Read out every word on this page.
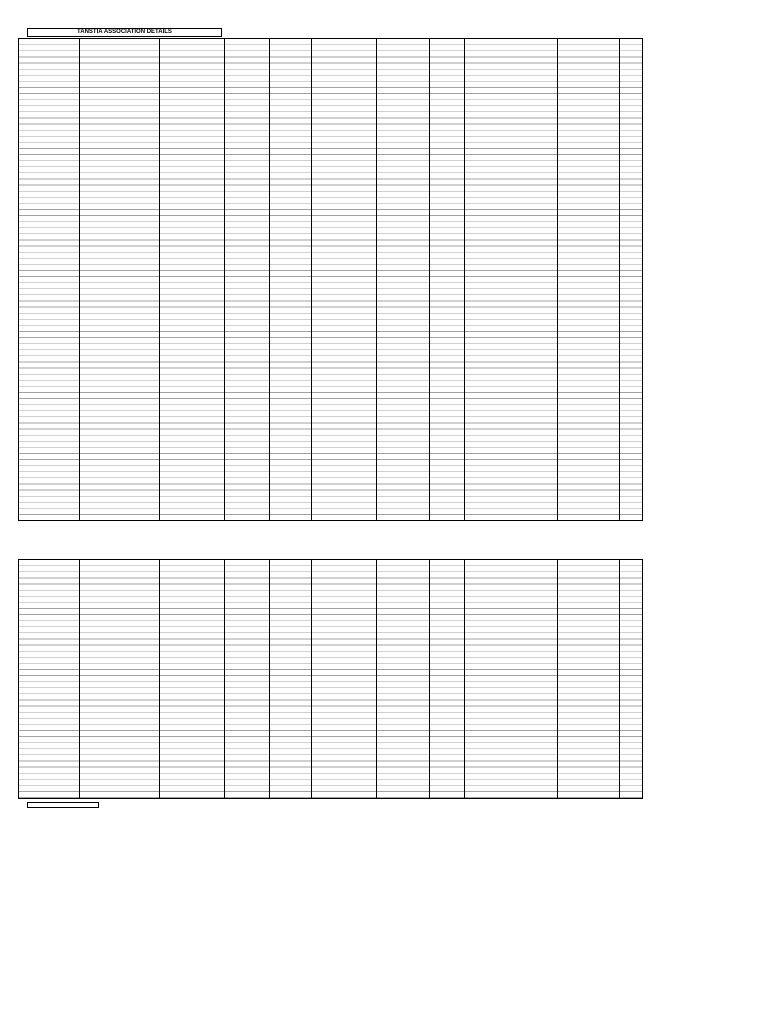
TANSTIA ASSOCIATION DETAILS
